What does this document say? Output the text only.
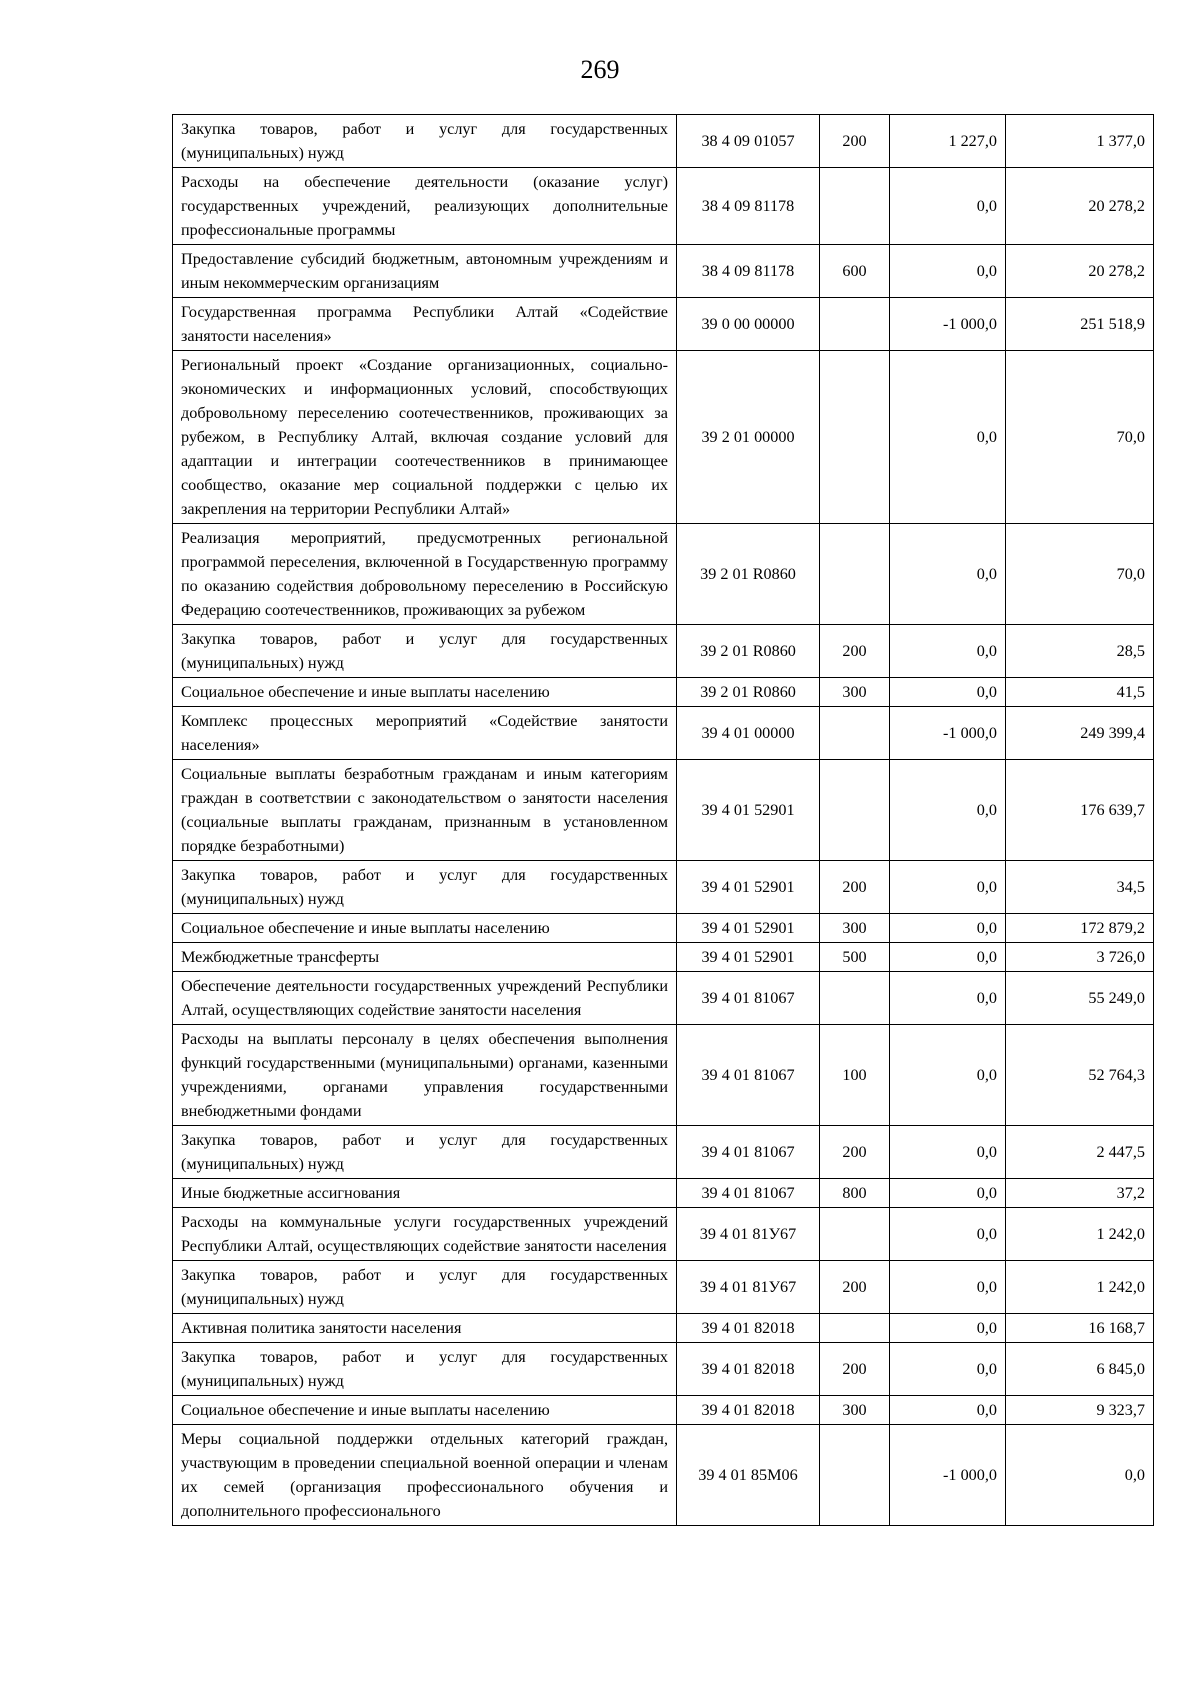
269
Закупка товаров, работ и услуг для государственных (муниципальных) нужд	38 4 09 01057	200	1 227,0	1 377,0
Расходы на обеспечение деятельности (оказание услуг) государственных учреждений, реализующих дополнительные профессиональные программы	38 4 09 81178		0,0	20 278,2
Предоставление субсидий бюджетным, автономным учреждениям и иным некоммерческим организациям	38 4 09 81178	600	0,0	20 278,2
Государственная программа Республики Алтай «Содействие занятости населения»	39 0 00 00000		-1 000,0	251 518,9
Региональный проект «Создание организационных, социально-экономических и информационных условий, способствующих добровольному переселению соотечественников, проживающих за рубежом, в Республику Алтай, включая создание условий для адаптации и интеграции соотечественников в принимающее сообщество, оказание мер социальной поддержки с целью их закрепления на территории Республики Алтай»	39 2 01 00000		0,0	70,0
Реализация мероприятий, предусмотренных региональной программой переселения, включенной в Государственную программу по оказанию содействия добровольному переселению в Российскую Федерацию соотечественников, проживающих за рубежом	39 2 01 R0860		0,0	70,0
Закупка товаров, работ и услуг для государственных (муниципальных) нужд	39 2 01 R0860	200	0,0	28,5
Социальное обеспечение и иные выплаты населению	39 2 01 R0860	300	0,0	41,5
Комплекс процессных мероприятий «Содействие занятости населения»	39 4 01 00000		-1 000,0	249 399,4
Социальные выплаты безработным гражданам и иным категориям граждан в соответствии с законодательством о занятости населения (социальные выплаты гражданам, признанным в установленном порядке безработными)	39 4 01 52901		0,0	176 639,7
Закупка товаров, работ и услуг для государственных (муниципальных) нужд	39 4 01 52901	200	0,0	34,5
Социальное обеспечение и иные выплаты населению	39 4 01 52901	300	0,0	172 879,2
Межбюджетные трансферты	39 4 01 52901	500	0,0	3 726,0
Обеспечение деятельности государственных учреждений Республики Алтай, осуществляющих содействие занятости населения	39 4 01 81067		0,0	55 249,0
Расходы на выплаты персоналу в целях обеспечения выполнения функций государственными (муниципальными) органами, казенными учреждениями, органами управления государственными внебюджетными фондами	39 4 01 81067	100	0,0	52 764,3
Закупка товаров, работ и услуг для государственных (муниципальных) нужд	39 4 01 81067	200	0,0	2 447,5
Иные бюджетные ассигнования	39 4 01 81067	800	0,0	37,2
Расходы на коммунальные услуги государственных учреждений Республики Алтай, осуществляющих содействие занятости населения	39 4 01 81У67		0,0	1 242,0
Закупка товаров, работ и услуг для государственных (муниципальных) нужд	39 4 01 81У67	200	0,0	1 242,0
Активная политика занятости населения	39 4 01 82018		0,0	16 168,7
Закупка товаров, работ и услуг для государственных (муниципальных) нужд	39 4 01 82018	200	0,0	6 845,0
Социальное обеспечение и иные выплаты населению	39 4 01 82018	300	0,0	9 323,7
Меры социальной поддержки отдельных категорий граждан, участвующим в проведении специальной военной операции и членам их семей (организация профессионального обучения и дополнительного профессионального	39 4 01 85М06		-1 000,0	0,0
